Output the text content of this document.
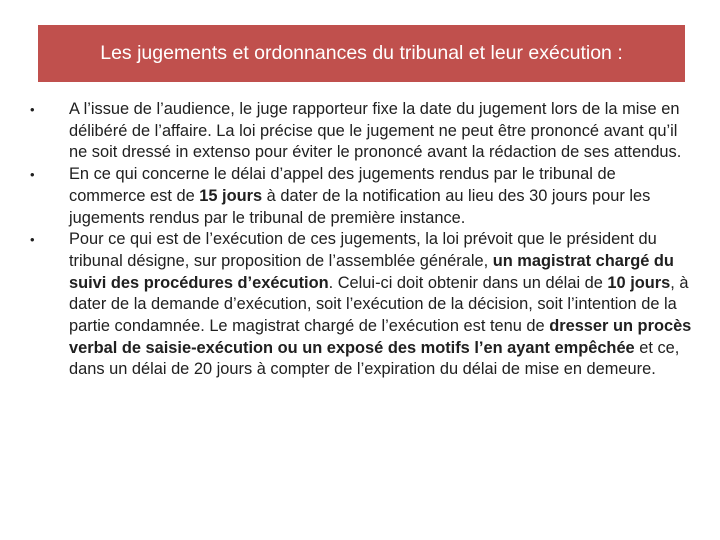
Les jugements et ordonnances du tribunal et leur exécution :
•	A l’issue de l’audience, le juge rapporteur fixe la date du jugement lors de la mise en délibéré de l’affaire. La loi précise que le jugement ne peut être prononcé avant qu’il ne soit dressé in extenso pour éviter le prononcé avant la rédaction de ses attendus.
•	En ce qui concerne le délai d’appel des jugements rendus par le tribunal de commerce est de 15 jours à dater de la notification au lieu des 30 jours pour les jugements rendus par le tribunal de première instance.
•	Pour ce qui est de l’exécution de ces jugements, la loi prévoit que le président du tribunal désigne, sur proposition de l’assemblée générale, un magistrat chargé du suivi des procédures d’exécution. Celui-ci doit obtenir dans un délai de 10 jours, à dater de la demande d’exécution, soit l’exécution de la décision, soit l’intention de la partie condamnée. Le magistrat chargé de l’exécution est tenu de dresser un procès verbal de saisie-exécution ou un exposé des motifs l’en ayant empêchée et ce, dans un délai de 20 jours à compter de l’expiration du délai de mise en demeure.
